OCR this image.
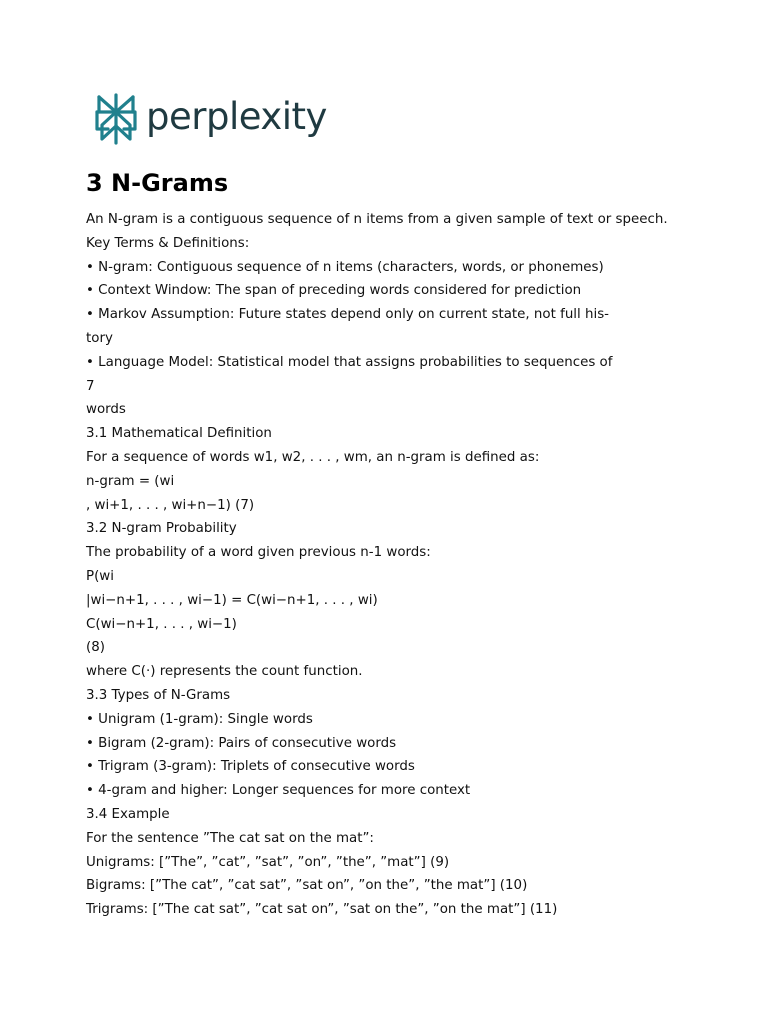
perplexity
3 N-Grams
An N-gram is a contiguous sequence of n items from a given sample of text or speech.
Key Terms & Definitions:
• N-gram: Contiguous sequence of n items (characters, words, or phonemes)
• Context Window: The span of preceding words considered for prediction
• Markov Assumption: Future states depend only on current state, not full his-
tory
• Language Model: Statistical model that assigns probabilities to sequences of
7
words
3.1 Mathematical Definition
For a sequence of words w1, w2, . . . , wm, an n-gram is defined as:
n-gram = (wi
, wi+1, . . . , wi+n−1) (7)
3.2 N-gram Probability
The probability of a word given previous n-1 words:
P(wi
|wi−n+1, . . . , wi−1) = C(wi−n+1, . . . , wi)
C(wi−n+1, . . . , wi−1)
(8)
where C(·) represents the count function.
3.3 Types of N-Grams
• Unigram (1-gram): Single words
• Bigram (2-gram): Pairs of consecutive words
• Trigram (3-gram): Triplets of consecutive words
• 4-gram and higher: Longer sequences for more context
3.4 Example
For the sentence ”The cat sat on the mat”:
Unigrams: [”The”, ”cat”, ”sat”, ”on”, ”the”, ”mat”] (9)
Bigrams: [”The cat”, ”cat sat”, ”sat on”, ”on the”, ”the mat”] (10)
Trigrams: [”The cat sat”, ”cat sat on”, ”sat on the”, ”on the mat”] (11)
